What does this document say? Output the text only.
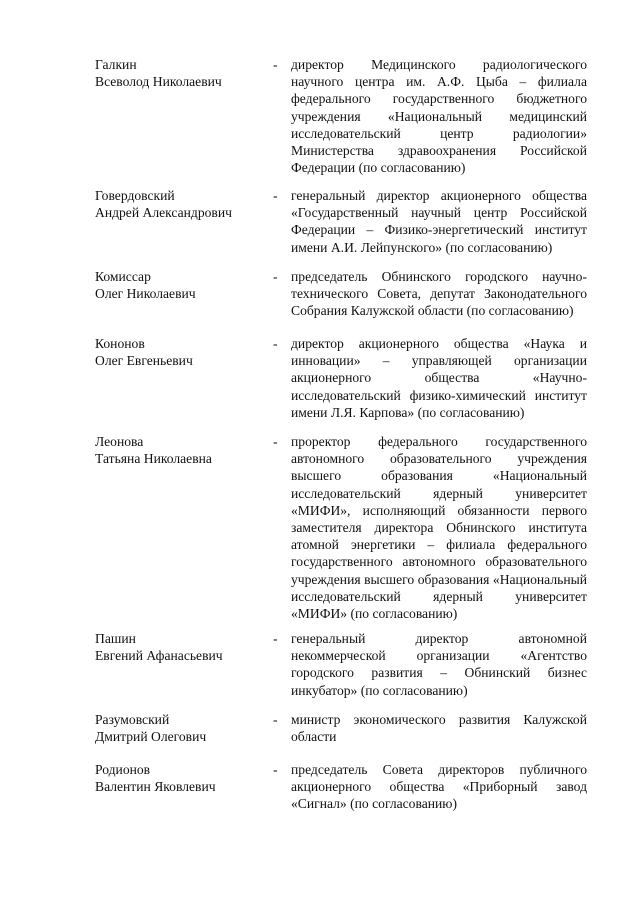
Галкин
Всеволод Николаевич
- директор Медицинского радиологического научного центра им. А.Ф. Цыба – филиала федерального государственного бюджетного учреждения «Национальный медицинский исследовательский центр радиологии» Министерства здравоохранения Российской Федерации (по согласованию)
Говердовский
Андрей Александрович
- генеральный директор акционерного общества «Государственный научный центр Российской Федерации – Физико-энергетический институт имени А.И. Лейпунского» (по согласованию)
Комиссар
Олег Николаевич
- председатель Обнинского городского научно-технического Совета, депутат Законодательного Собрания Калужской области (по согласованию)
Кононов
Олег Евгеньевич
- директор акционерного общества «Наука и инновации» – управляющей организации акционерного общества «Научно-исследовательский физико-химический институт имени Л.Я. Карпова» (по согласованию)
Леонова
Татьяна Николаевна
- проректор федерального государственного автономного образовательного учреждения высшего образования «Национальный исследовательский ядерный университет «МИФИ», исполняющий обязанности первого заместителя директора Обнинского института атомной энергетики – филиала федерального государственного автономного образовательного учреждения высшего образования «Национальный исследовательский ядерный университет «МИФИ» (по согласованию)
Пашин
Евгений Афанасьевич
- генеральный директор автономной некоммерческой организации «Агентство городского развития – Обнинский бизнес инкубатор» (по согласованию)
Разумовский
Дмитрий Олегович
- министр экономического развития Калужской области
Родионов
Валентин Яковлевич
- председатель Совета директоров публичного акционерного общества «Приборный завод «Сигнал» (по согласованию)
